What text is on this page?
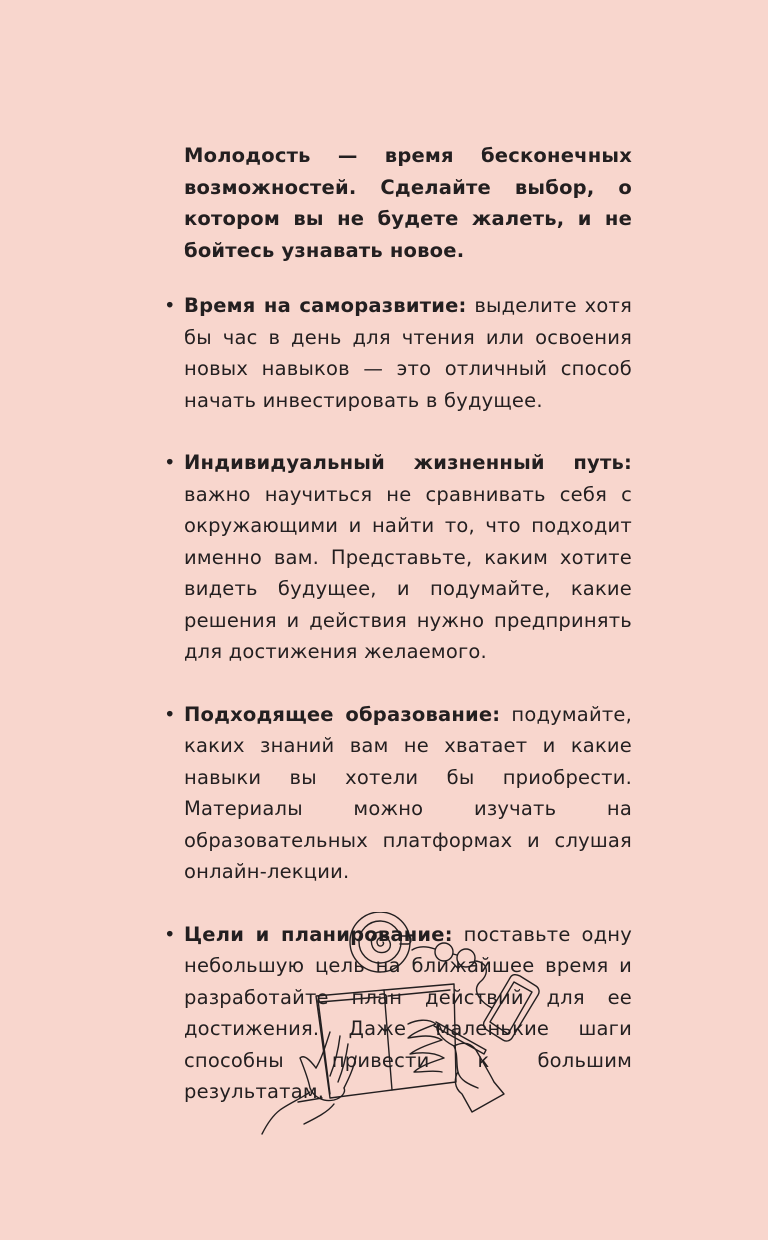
Молодость — время бесконечных возможностей. Сделайте выбор, о котором вы не будете жалеть, и не бойтесь узнавать новое.

• Время на саморазвитие: выделите хотя бы час в день для чтения или освоения новых навыков — это отличный способ начать инвестировать в будущее.
• Индивидуальный жизненный путь: важно научиться не сравнивать себя с окружающими и найти то, что подходит именно вам. Представьте, каким хотите видеть будущее, и подумайте, какие решения и действия нужно предпринять для достижения желаемого.
• Подходящее образование: подумайте, каких знаний вам не хватает и какие навыки вы хотели бы приобрести. Материалы можно изучать на образовательных платформах и слушая онлайн-лекции.
• Цели и планирование: поставьте одну небольшую цель на ближайшее время и разработайте план действий для ее достижения. Даже маленькие шаги способны привести к большим результатам.
